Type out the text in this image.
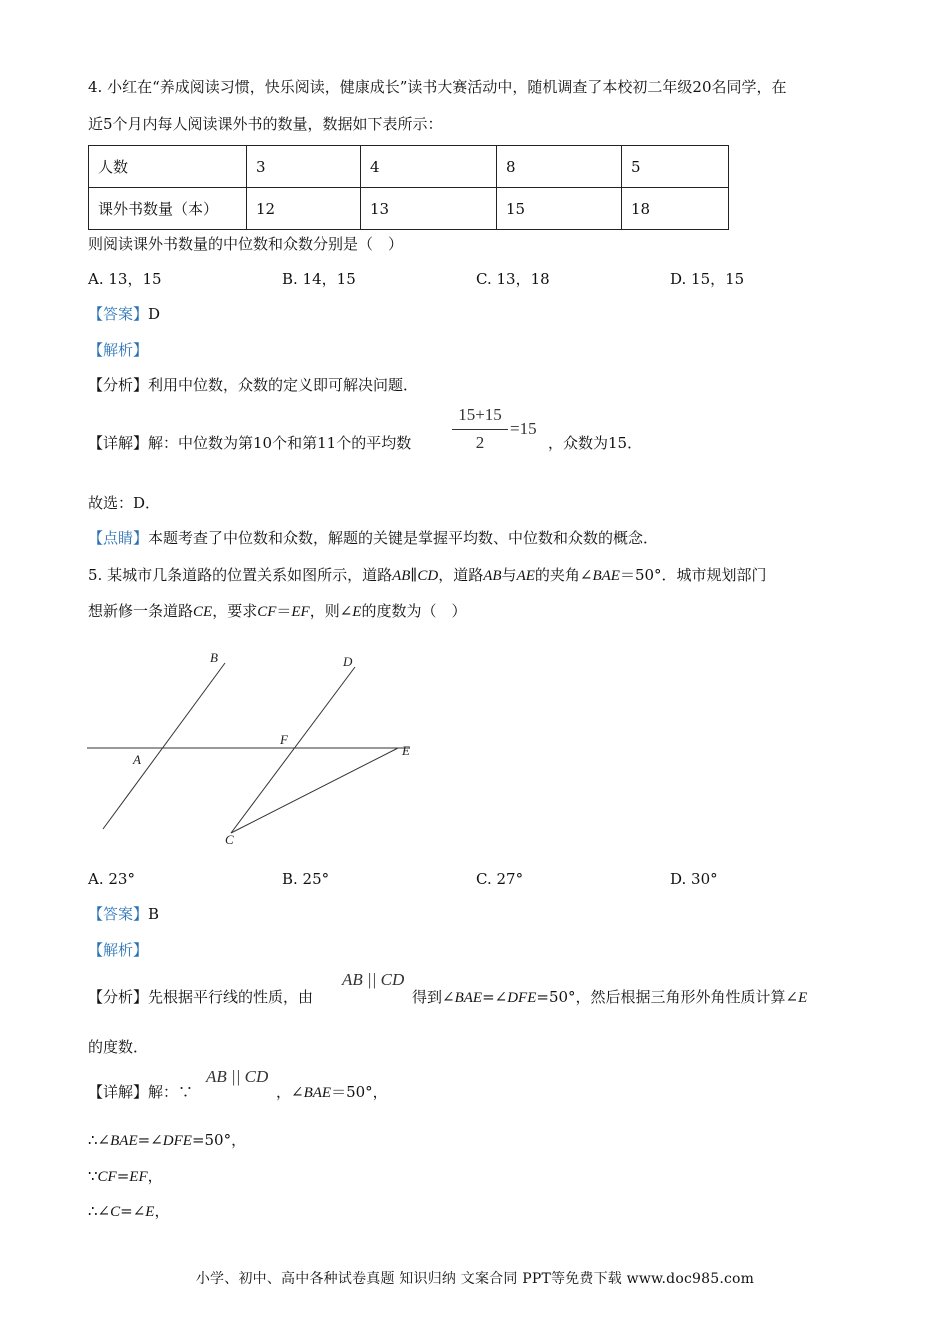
4. 小红在“养成阅读习惯，快乐阅读，健康成长”读书大赛活动中，随机调查了本校初二年级20名同学，在
近5个月内每人阅读课外书的数量，数据如下表所示：
人数	3	4	8	5
课外书数量（本）	12	13	15	18
则阅读课外书数量的中位数和众数分别是（　）
A. 13，15	B. 14，15	C. 13，18	D. 15，15
【答案】D
【解析】
【分析】利用中位数，众数的定义即可解决问题．
【详解】解：中位数为第10个和第11个的平均数
15+15
2
=15
，众数为15．
故选：D．
【点睛】本题考查了中位数和众数，解题的关键是掌握平均数、中位数和众数的概念．
5. 某城市几条道路的位置关系如图所示，道路AB∥CD，道路AB与AE的夹角∠BAE＝50°．城市规划部门
想新修一条道路CE，要求CF＝EF，则∠E的度数为（　）
B	D
F
E
A
C
A. 23°	B. 25°	C. 27°	D. 30°
【答案】B
【解析】
【分析】先根据平行线的性质，由
AB || CD
得到∠BAE=∠DFE=50°，然后根据三角形外角性质计算∠E
的度数．
【详解】解：∵
AB || CD
，∠BAE＝50°，
∴∠BAE=∠DFE=50°，
∵CF=EF，
∴∠C=∠E，
小学、初中、高中各种试卷真题 知识归纳 文案合同 PPT等免费下载 www.doc985.com
